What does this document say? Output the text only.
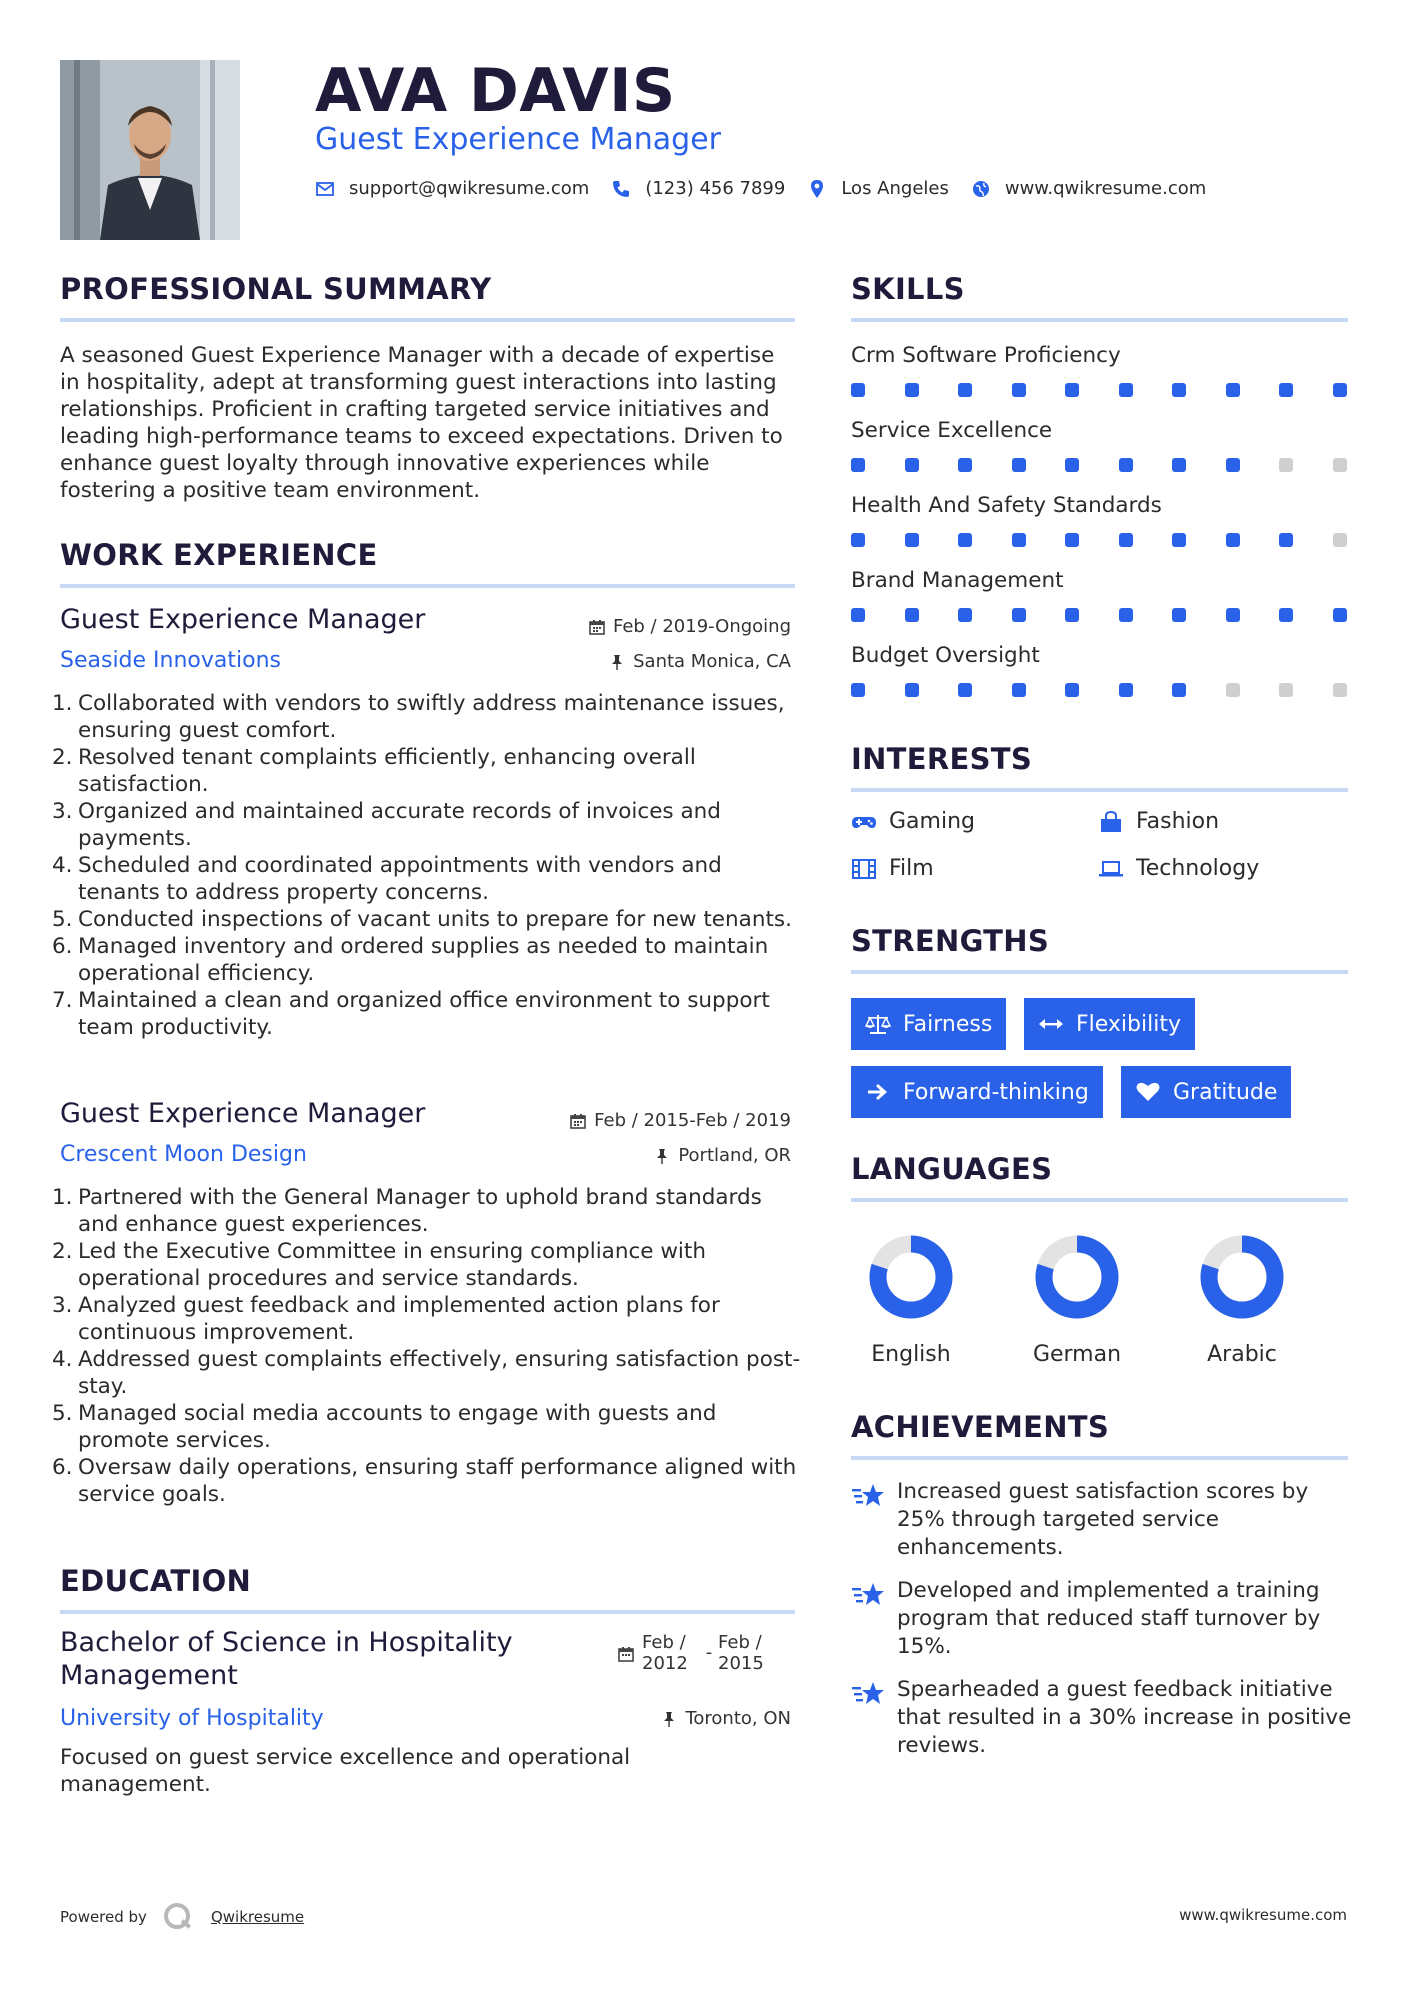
AVA DAVIS
Guest Experience Manager
support@qwikresume.com	(123) 456 7899	Los Angeles	www.qwikresume.com
PROFESSIONAL SUMMARY
A seasoned Guest Experience Manager with a decade of expertise in hospitality, adept at transforming guest interactions into lasting relationships. Proficient in crafting targeted service initiatives and leading high-performance teams to exceed expectations. Driven to enhance guest loyalty through innovative experiences while fostering a positive team environment.
WORK EXPERIENCE
Guest Experience Manager	Feb / 2019-Ongoing
Seaside Innovations	Santa Monica, CA
1. Collaborated with vendors to swiftly address maintenance issues, ensuring guest comfort.
2. Resolved tenant complaints efficiently, enhancing overall satisfaction.
3. Organized and maintained accurate records of invoices and payments.
4. Scheduled and coordinated appointments with vendors and tenants to address property concerns.
5. Conducted inspections of vacant units to prepare for new tenants.
6. Managed inventory and ordered supplies as needed to maintain operational efficiency.
7. Maintained a clean and organized office environment to support team productivity.
Guest Experience Manager	Feb / 2015-Feb / 2019
Crescent Moon Design	Portland, OR
1. Partnered with the General Manager to uphold brand standards and enhance guest experiences.
2. Led the Executive Committee in ensuring compliance with operational procedures and service standards.
3. Analyzed guest feedback and implemented action plans for continuous improvement.
4. Addressed guest complaints effectively, ensuring satisfaction post-stay.
5. Managed social media accounts to engage with guests and promote services.
6. Oversaw daily operations, ensuring staff performance aligned with service goals.
EDUCATION
Bachelor of Science in Hospitality Management
Feb / 2012
- Feb / 2015
University of Hospitality	Toronto, ON
Focused on guest service excellence and operational management.
SKILLS
Crm Software Proficiency
Service Excellence
Health And Safety Standards
Brand Management
Budget Oversight
INTERESTS
Gaming	Fashion
Film	Technology
STRENGTHS
Fairness	Flexibility
Forward-thinking	Gratitude
LANGUAGES
English	German	Arabic
ACHIEVEMENTS
Increased guest satisfaction scores by 25% through targeted service enhancements.
Developed and implemented a training program that reduced staff turnover by 15%.
Spearheaded a guest feedback initiative that resulted in a 30% increase in positive reviews.
Powered by	Qwikresume	www.qwikresume.com
